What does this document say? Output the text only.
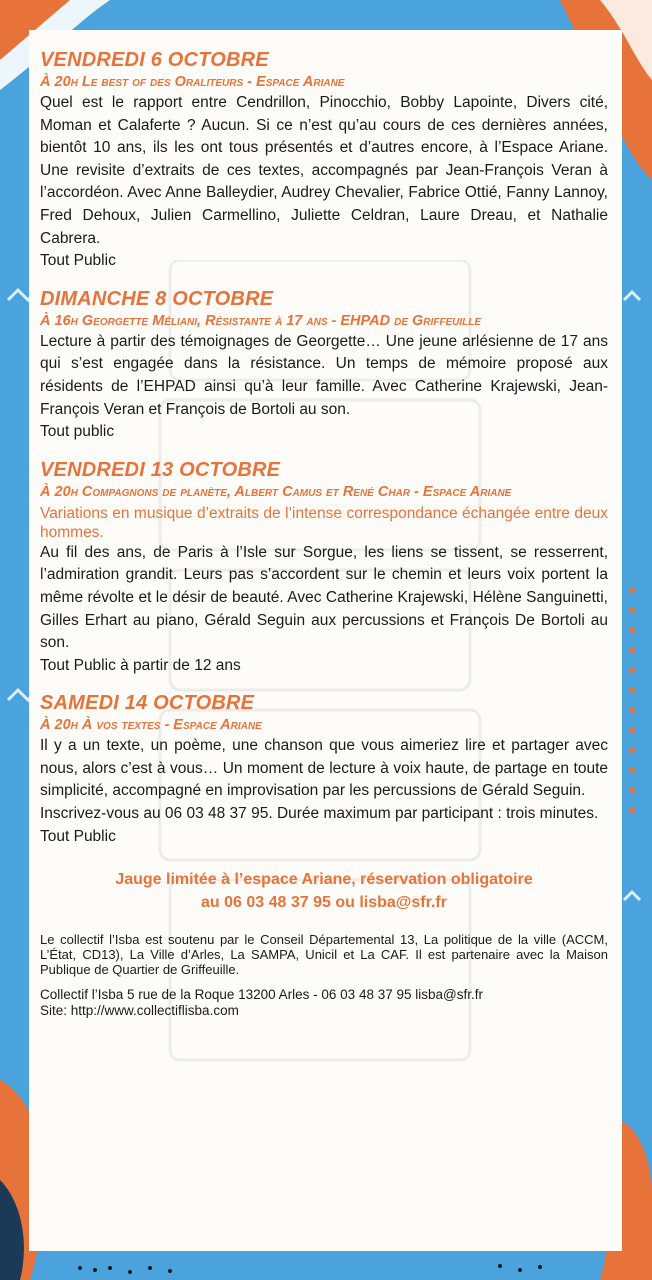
VENDREDI 6 OCTOBRE
À 20h Le best of des Oraliteurs - Espace Ariane
Quel est le rapport entre Cendrillon, Pinocchio, Bobby Lapointe, Divers cité, Moman et Calaferte ? Aucun. Si ce n’est qu’au cours de ces dernières années, bientôt 10 ans, ils les ont tous présentés et d’autres encore, à l’Espace Ariane. Une revisite d’extraits de ces textes, accompagnés par Jean-François Veran à l’accordéon. Avec Anne Balleydier, Audrey Chevalier, Fabrice Ottié, Fanny Lannoy, Fred Dehoux, Julien Carmellino, Juliette Celdran, Laure Dreau, et Nathalie Cabrera.
Tout Public
DIMANCHE 8 OCTOBRE
À 16h Georgette Méliani, Résistante à 17 ans - EHPAD de Griffeuille
Lecture à partir des témoignages de Georgette… Une jeune arlésienne de 17 ans qui s’est engagée dans la résistance. Un temps de mémoire proposé aux résidents de l’EHPAD ainsi qu’à leur famille. Avec Catherine Krajewski, Jean-François Veran et François de Bortoli au son.
Tout public
VENDREDI 13 OCTOBRE
À 20h Compagnons de planète, Albert Camus et René Char - Espace Ariane
Variations en musique d’extraits de l’intense correspondance échangée entre deux hommes.
Au fil des ans, de Paris à l’Isle sur Sorgue, les liens se tissent, se resserrent, l’admiration grandit. Leurs pas s’accordent sur le chemin et leurs voix portent la même révolte et le désir de beauté. Avec Catherine Krajewski, Hélène Sanguinetti, Gilles Erhart au piano, Gérald Seguin aux percussions et François De Bortoli au son.
Tout Public à partir de 12 ans
SAMEDI 14 OCTOBRE
À 20h À vos textes - Espace Ariane
Il y a un texte, un poème, une chanson que vous aimeriez lire et partager avec nous, alors c’est à vous… Un moment de lecture à voix haute, de partage en toute simplicité, accompagné en improvisation par les percussions de Gérald Seguin.
Inscrivez-vous au 06 03 48 37 95. Durée maximum par participant : trois minutes.
Tout Public
Jauge limitée à l’espace Ariane, réservation obligatoire
au 06 03 48 37 95 ou lisba@sfr.fr
Le collectif l’Isba est soutenu par le Conseil Départemental 13, La politique de la ville (ACCM, L’État, CD13), La Ville d’Arles, La SAMPA, Unicil et La CAF. Il est partenaire avec la Maison Publique de Quartier de Griffeuille.
Collectif l’Isba 5 rue de la Roque 13200 Arles - 06 03 48 37 95 lisba@sfr.fr
Site: http://www.collectiflisba.com
